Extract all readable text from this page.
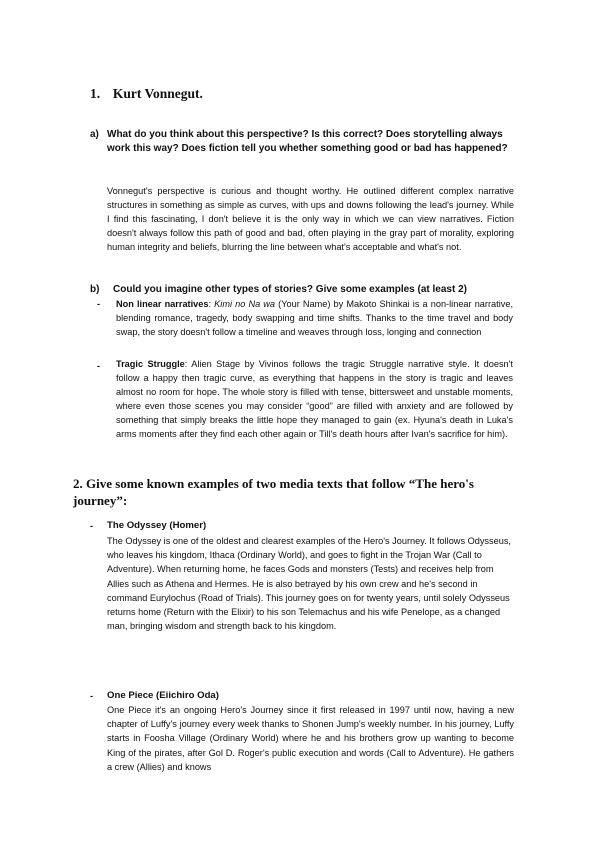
1. Kurt Vonnegut.
a) What do you think about this perspective? Is this correct? Does storytelling always work this way? Does fiction tell you whether something good or bad has happened?
Vonnegut's perspective is curious and thought worthy. He outlined different complex narrative structures in something as simple as curves, with ups and downs following the lead's journey. While I find this fascinating, I don't believe it is the only way in which we can view narratives. Fiction doesn't always follow this path of good and bad, often playing in the gray part of morality, exploring human integrity and beliefs, blurring the line between what's acceptable and what's not.
b) Could you imagine other types of stories? Give some examples (at least 2)
- Non linear narratives: Kimi no Na wa (Your Name) by Makoto Shinkai is a non-linear narrative, blending romance, tragedy, body swapping and time shifts. Thanks to the time travel and body swap, the story doesn't follow a timeline and weaves through loss, longing and connection
- Tragic Struggle: Alien Stage by Vivinos follows the tragic Struggle narrative style. It doesn't follow a happy then tragic curve, as everything that happens in the story is tragic and leaves almost no room for hope. The whole story is filled with tense, bittersweet and unstable moments, where even those scenes you may consider “good” are filled with anxiety and are followed by something that simply breaks the little hope they managed to gain (ex. Hyuna's death in Luka's arms moments after they find each other again or Till's death hours after Ivan's sacrifice for him).
2. Give some known examples of two media texts that follow “The hero's journey”:
- The Odyssey (Homer)
The Odyssey is one of the oldest and clearest examples of the Hero's Journey. It follows Odysseus, who leaves his kingdom, Ithaca (Ordinary World), and goes to fight in the Trojan War (Call to Adventure). When returning home, he faces Gods and monsters (Tests) and receives help from Allies such as Athena and Hermes. He is also betrayed by his own crew and he's second in command Eurylochus (Road of Trials). This journey goes on for twenty years, until solely Odysseus returns home (Return with the Elixir) to his son Telemachus and his wife Penelope, as a changed man, bringing wisdom and strength back to his kingdom.
- One Piece (Eiichiro Oda)
One Piece it's an ongoing Hero's Journey since it first released in 1997 until now, having a new chapter of Luffy's journey every week thanks to Shonen Jump's weekly number. In his journey, Luffy starts in Foosha Village (Ordinary World) where he and his brothers grow up wanting to become King of the pirates, after Gol D. Roger's public execution and words (Call to Adventure). He gathers a crew (Allies) and knows
